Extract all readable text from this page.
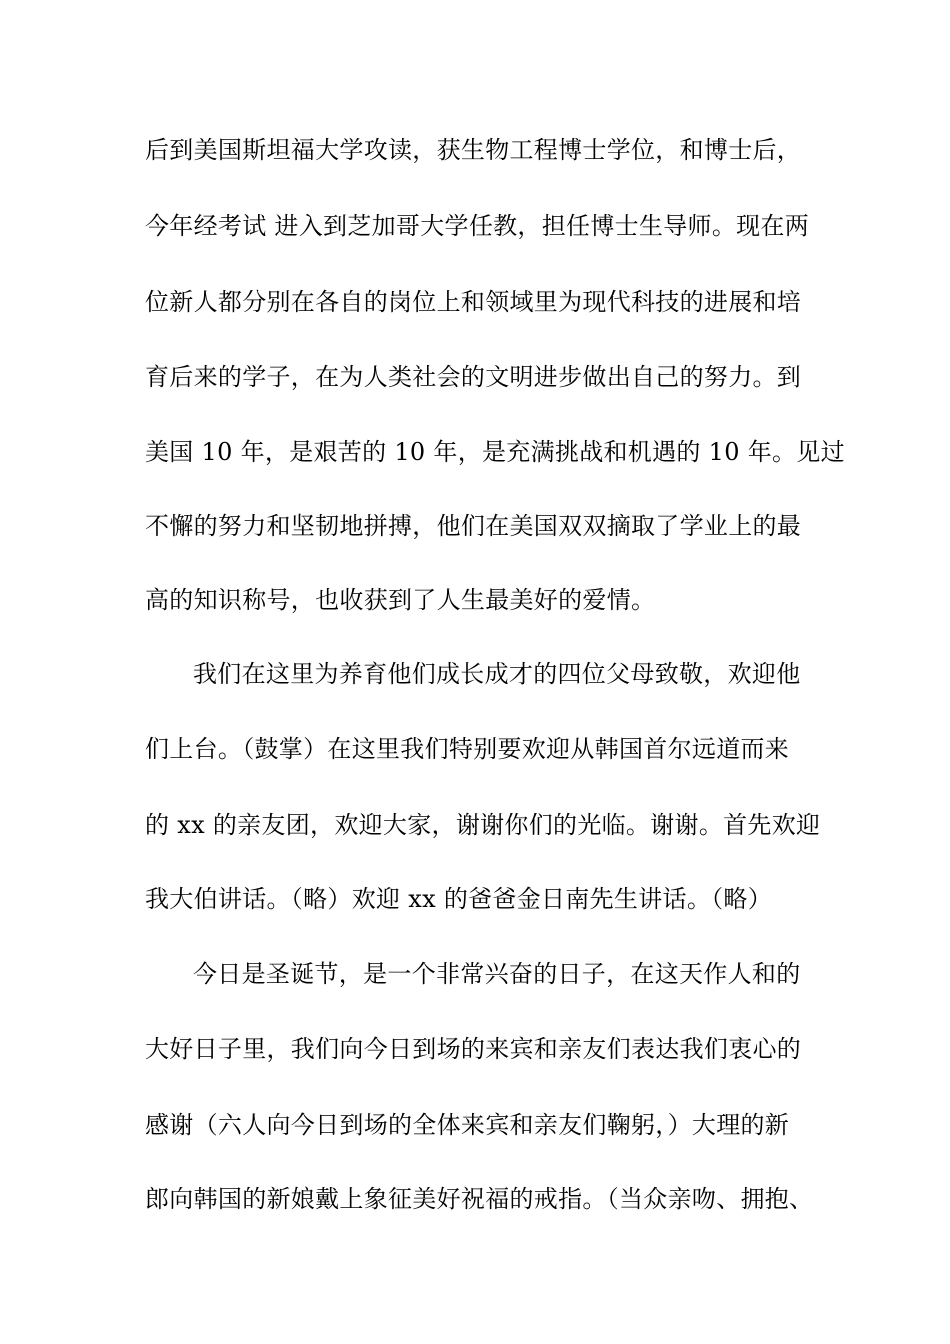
后到美国斯坦福大学攻读，获生物工程博士学位，和博士后，
今年经考试 进入到芝加哥大学任教，担任博士生导师。现在两
位新人都分别在各自的岗位上和领域里为现代科技的进展和培
育后来的学子，在为人类社会的文明进步做出自己的努力。到
美国 10 年，是艰苦的 10 年，是充满挑战和机遇的 10 年。见过
不懈的努力和坚韧地拼搏，他们在美国双双摘取了学业上的最
高的知识称号，也收获到了人生最美好的爱情。
我们在这里为养育他们成长成才的四位父母致敬，欢迎他
们上台。（鼓掌）在这里我们特别要欢迎从韩国首尔远道而来
的 xx 的亲友团，欢迎大家，谢谢你们的光临。谢谢。首先欢迎
我大伯讲话。（略）欢迎 xx 的爸爸金日南先生讲话。（略）
今日是圣诞节，是一个非常兴奋的日子，在这天作人和的
大好日子里，我们向今日到场的来宾和亲友们表达我们衷心的
感谢（六人向今日到场的全体来宾和亲友们鞠躬，）大理的新
郎向韩国的新娘戴上象征美好祝福的戒指。（当众亲吻、拥抱、
